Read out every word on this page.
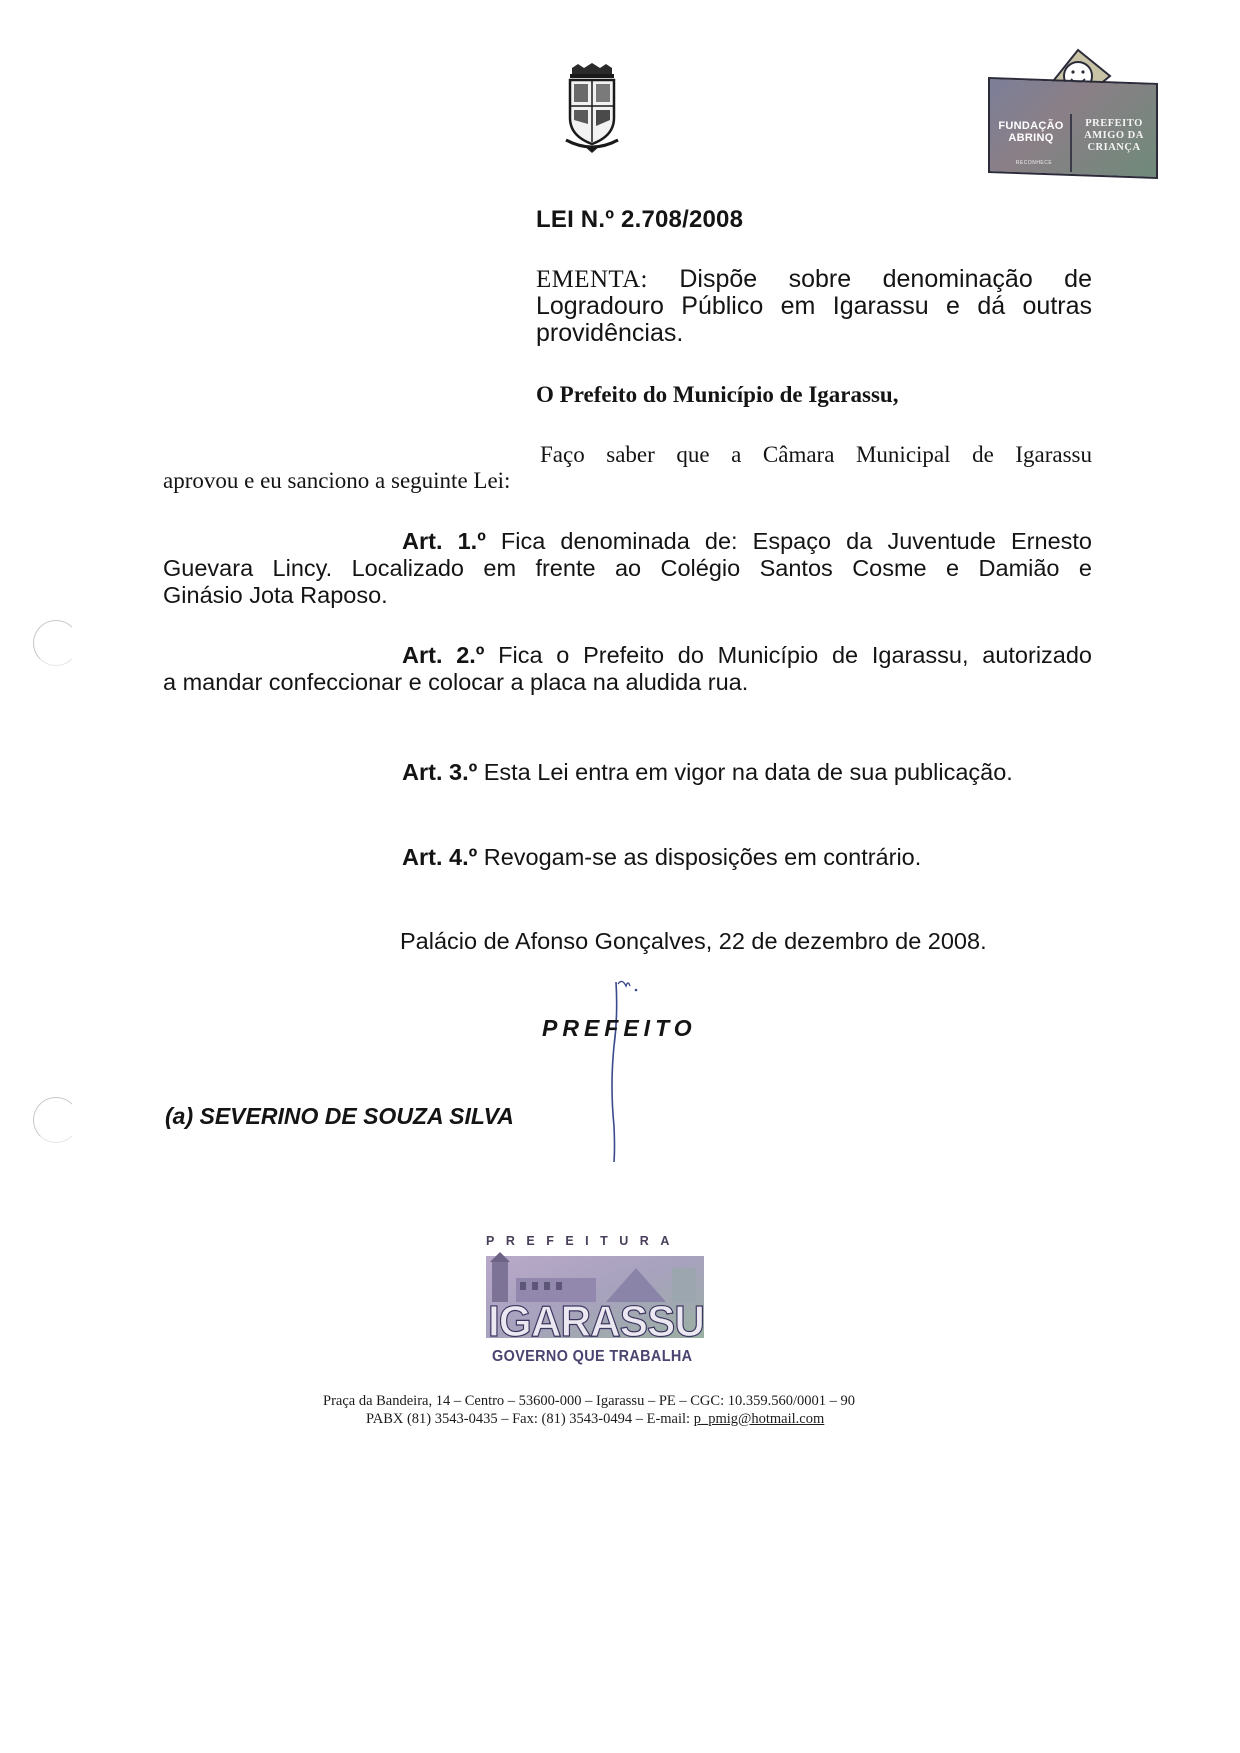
FUNDAÇÃO ABRINQ
PREFEITO AMIGO DA CRIANÇA
RECONHECE
LEI N.º 2.708/2008
EMENTA: Dispõe sobre denominação de
Logradouro Público em Igarassu e dá outras
providências.
O Prefeito do Município de Igarassu,
Faço saber que a Câmara Municipal de Igarassu
aprovou e eu sanciono a seguinte Lei:
Art. 1.º Fica denominada de: Espaço da Juventude Ernesto
Guevara Lincy. Localizado em frente ao Colégio Santos Cosme e Damião e
Ginásio Jota Raposo.
Art. 2.º Fica o Prefeito do Município de Igarassu, autorizado
a mandar confeccionar e colocar a placa na aludida rua.
Art. 3.º Esta Lei entra em vigor na data de sua publicação.
Art. 4.º Revogam-se as disposições em contrário.
Palácio de Afonso Gonçalves, 22 de dezembro de 2008.
PREFEITO
(a) SEVERINO DE SOUZA SILVA
PREFEITURA
IGARASSU
GOVERNO QUE TRABALHA
Praça da Bandeira, 14 – Centro – 53600-000 – Igarassu – PE – CGC: 10.359.560/0001 – 90
PABX (81) 3543-0435 – Fax: (81) 3543-0494 – E-mail: p_pmig@hotmail.com
